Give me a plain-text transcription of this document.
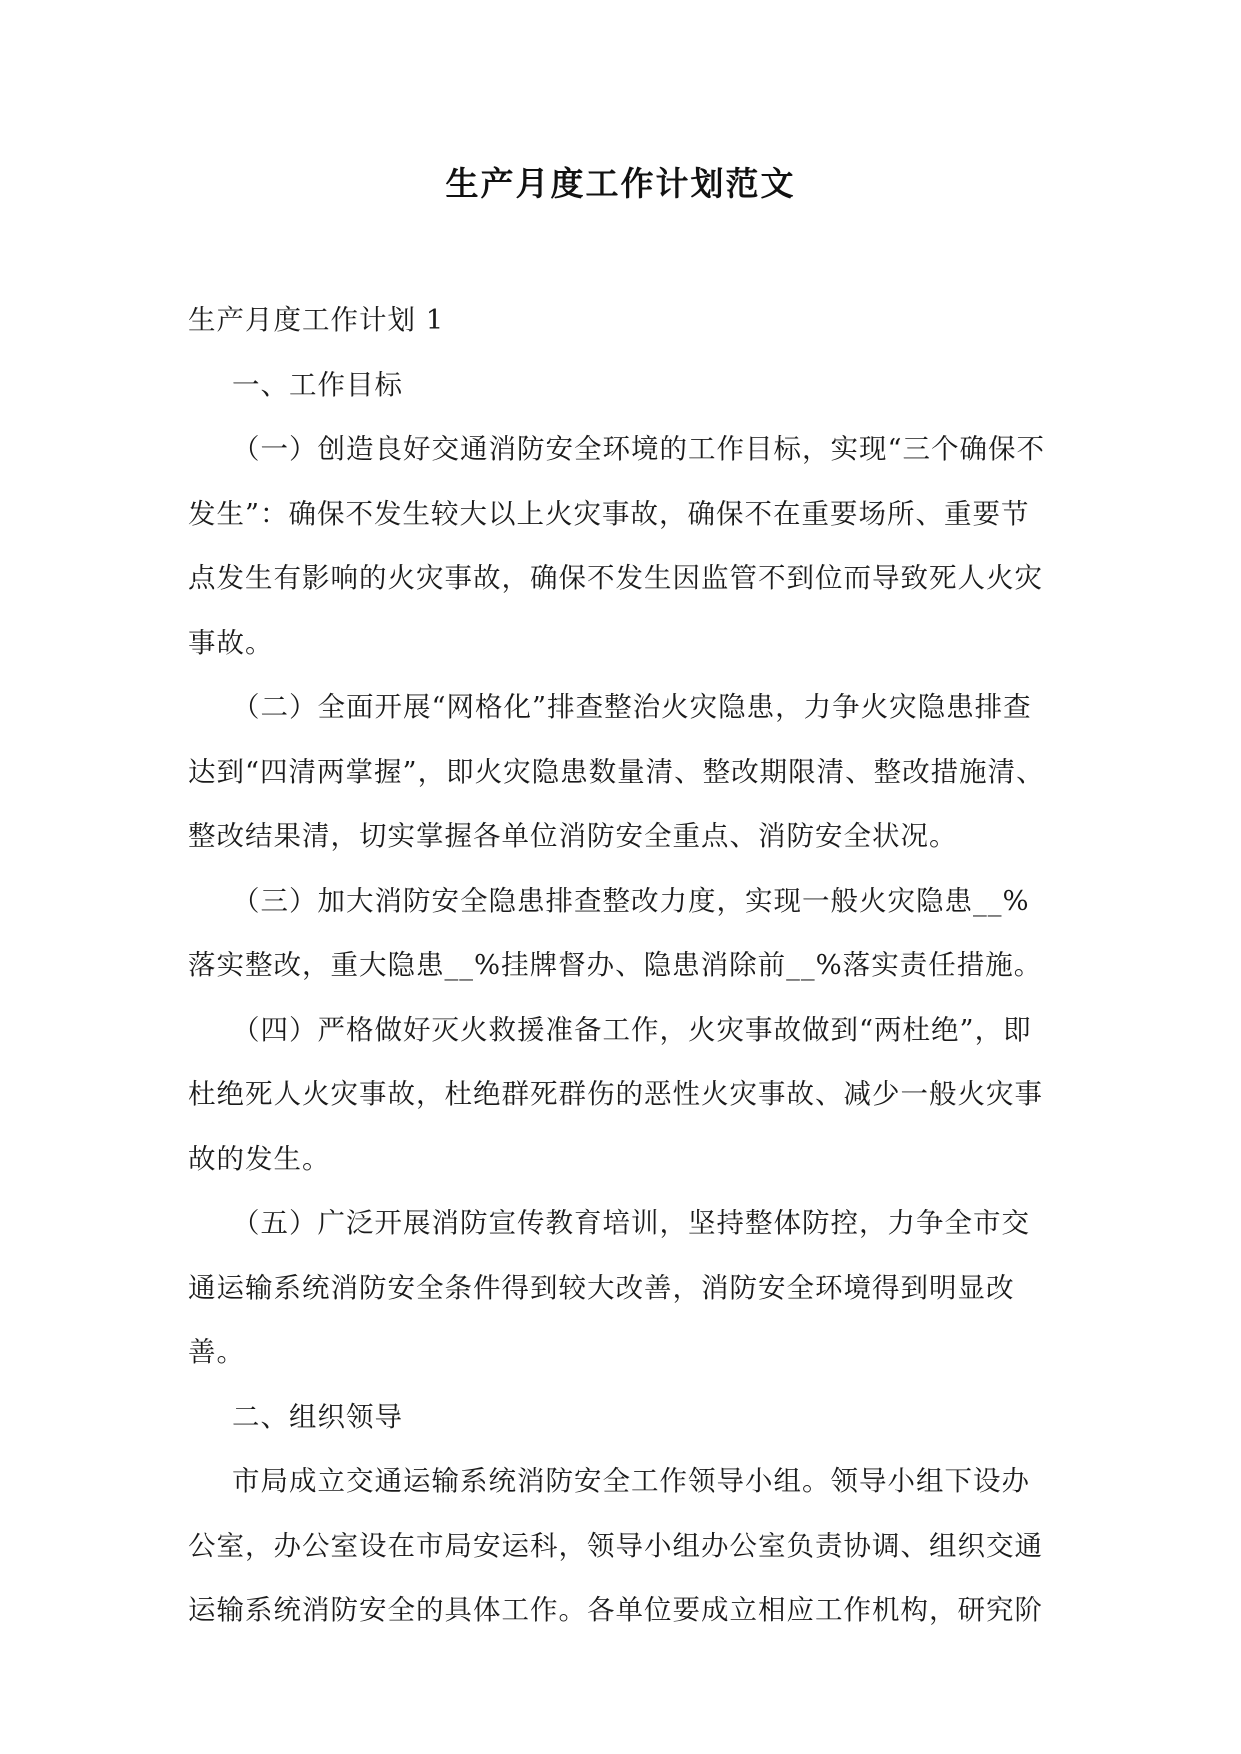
生产月度工作计划范文

生产月度工作计划 1

一、工作目标

（一）创造良好交通消防安全环境的工作目标，实现“三个确保不发生”：确保不发生较大以上火灾事故，确保不在重要场所、重要节点发生有影响的火灾事故，确保不发生因监管不到位而导致死人火灾事故。

（二）全面开展“网格化”排查整治火灾隐患，力争火灾隐患排查达到“四清两掌握”，即火灾隐患数量清、整改期限清、整改措施清、整改结果清，切实掌握各单位消防安全重点、消防安全状况。

（三）加大消防安全隐患排查整改力度，实现一般火灾隐患__%落实整改，重大隐患__%挂牌督办、隐患消除前__%落实责任措施。

（四）严格做好灭火救援准备工作，火灾事故做到“两杜绝”，即杜绝死人火灾事故，杜绝群死群伤的恶性火灾事故、减少一般火灾事故的发生。

（五）广泛开展消防宣传教育培训，坚持整体防控，力争全市交通运输系统消防安全条件得到较大改善，消防安全环境得到明显改善。

二、组织领导

市局成立交通运输系统消防安全工作领导小组。领导小组下设办公室，办公室设在市局安运科，领导小组办公室负责协调、组织交通运输系统消防安全的具体工作。各单位要成立相应工作机构，研究阶
